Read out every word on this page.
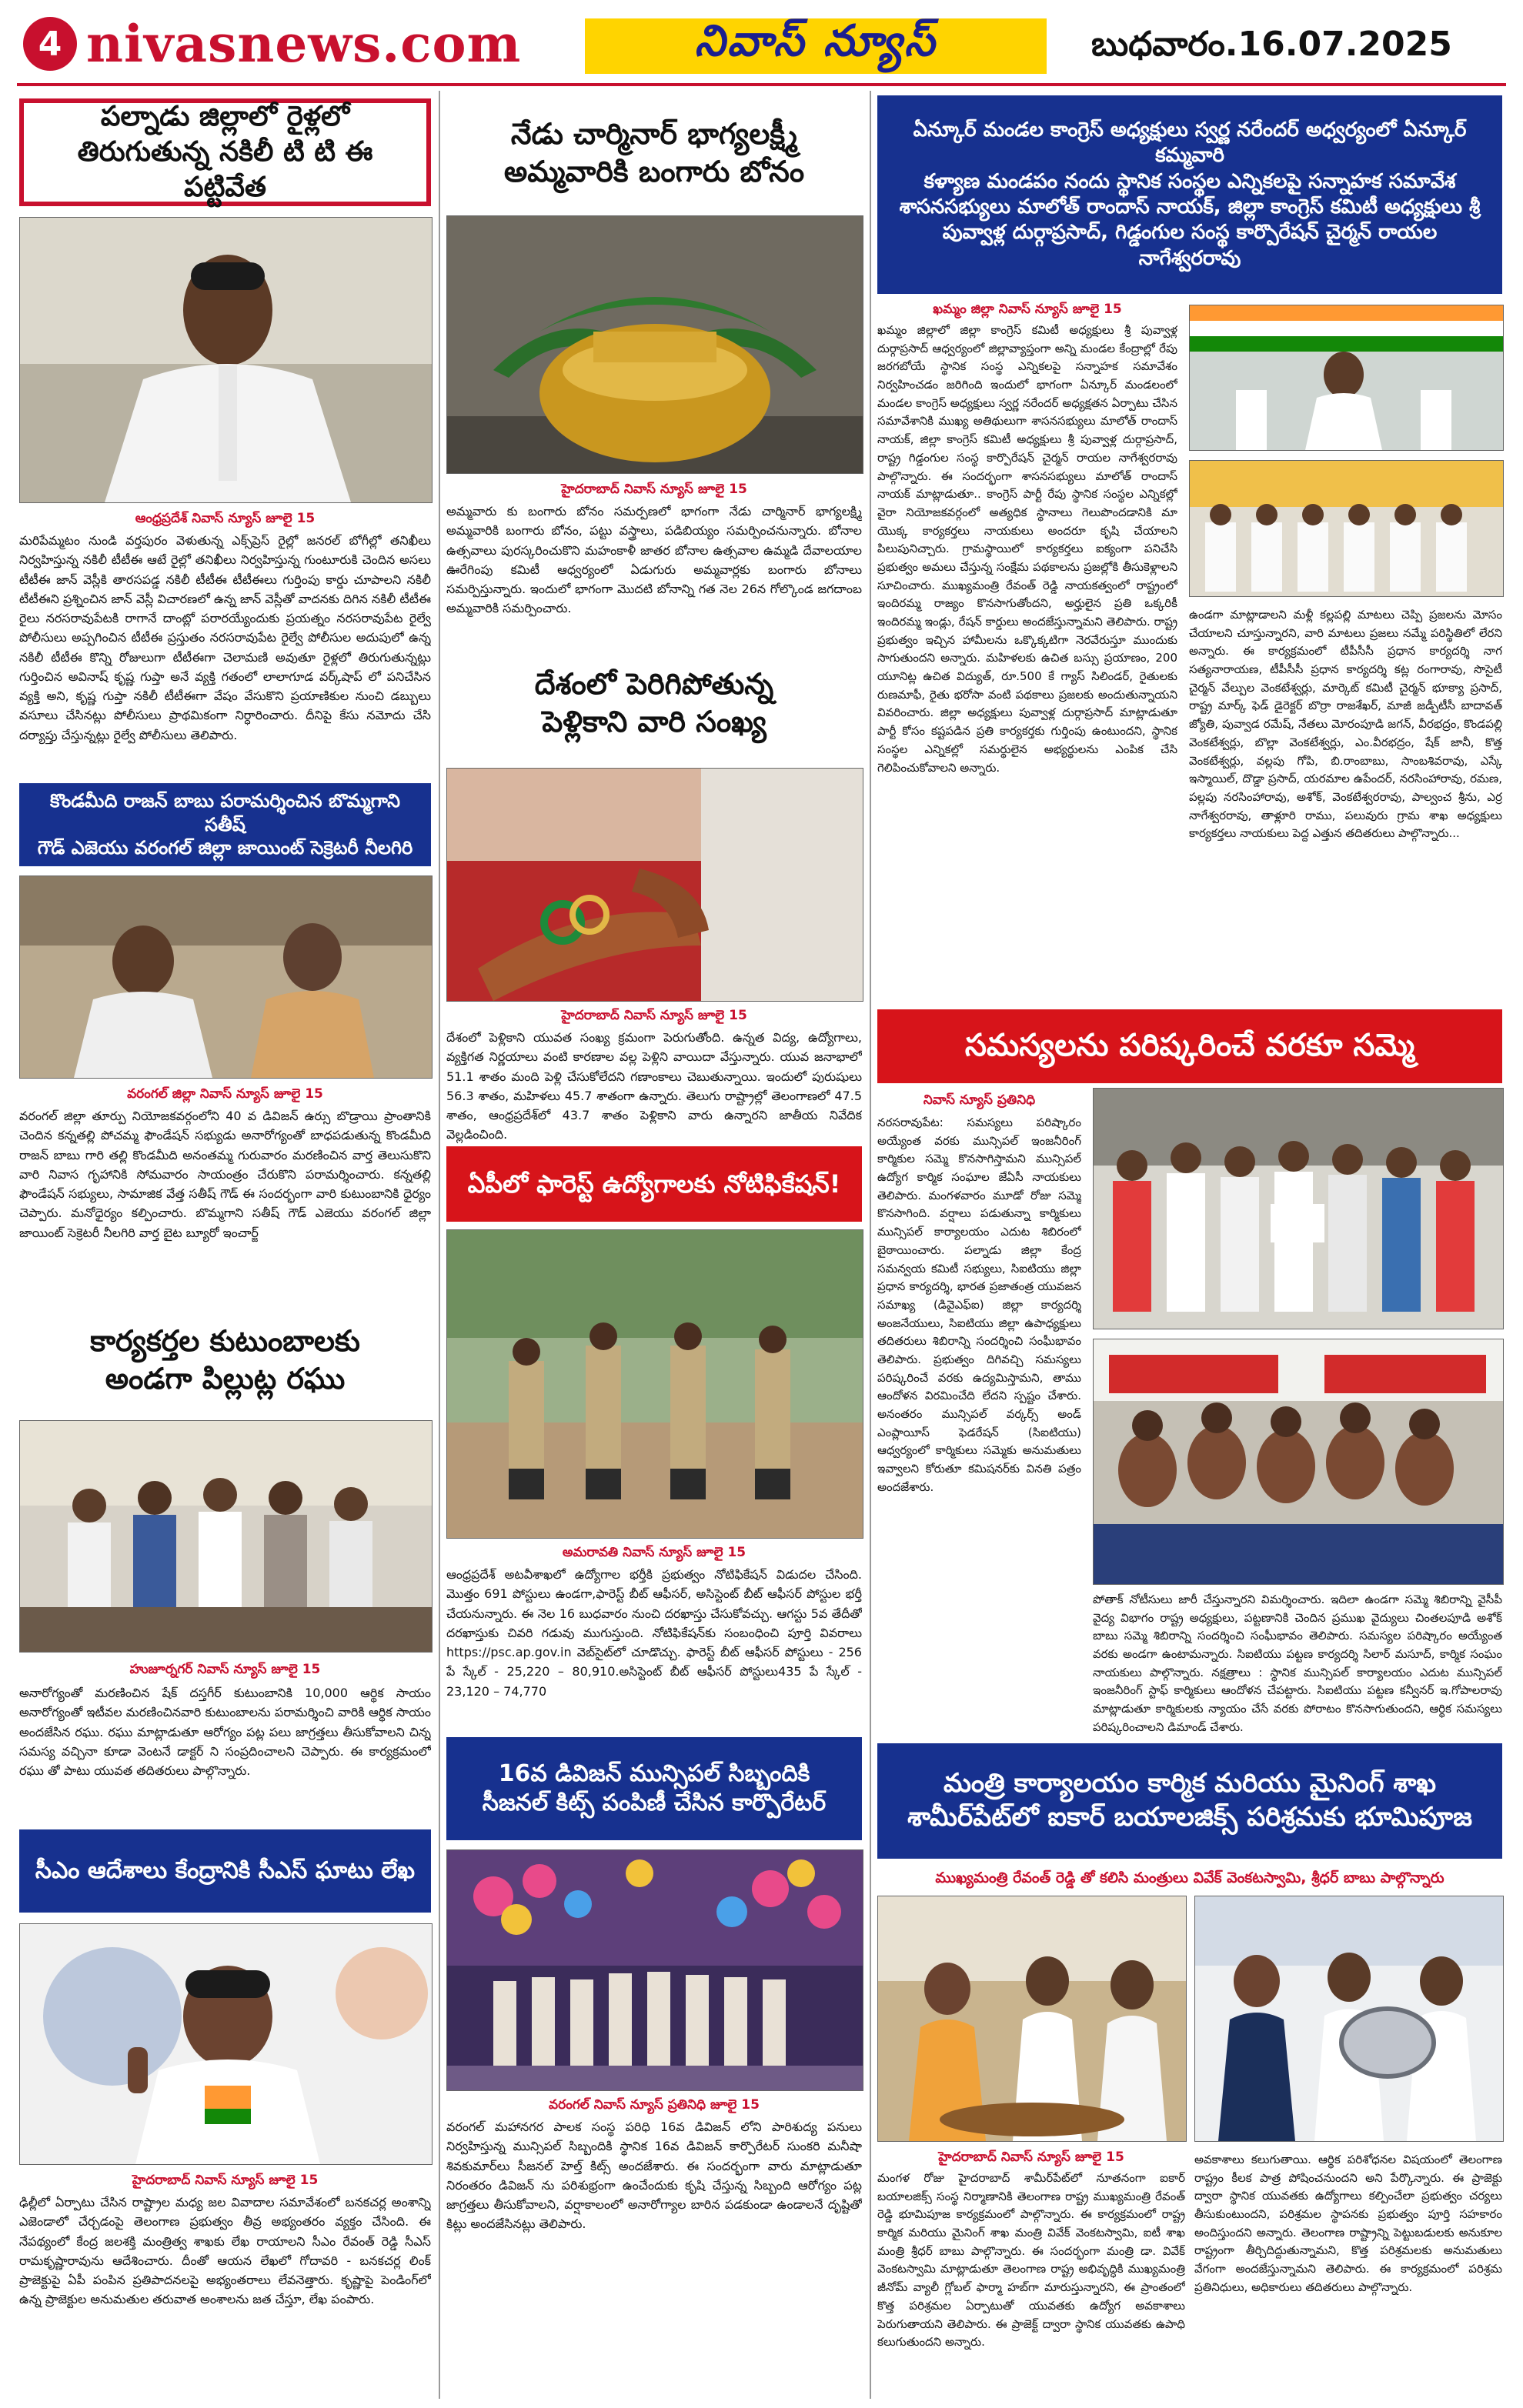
4 nivasnews.com	నివాస్ న్యూస్	బుధవారం.16.07.2025
పల్నాడు జిల్లాలో రైళ్లలో
తిరుగుతున్న నకిలీ టి టి ఈ పట్టివేత
ఆంధ్రప్రదేశ్ నివాస్ న్యూస్ జూలై 15
మరిపేమ్మటం నుండి వర్తపురం వెళుతున్న ఎక్స్‌ప్రెస్ రైల్లో జనరల్ బోగీల్లో తనిఖీలు నిర్వహిస్తున్న నకిలీ టీటీఈ ఆటే రైల్లో తనిఖీలు నిర్వహిస్తున్న గుంటూరుకి చెందిన అసలు టీటీఈ జాన్ వెస్లీకి తారసపడ్డ నకిలీ టీటీఈ టీటీఈలు గుర్తింపు కార్డు చూపాలని నకిలీ టీటీఈని ప్రశ్నించిన జాన్ వెస్లీ విచారణలో ఉన్న జాన్ వెస్లీతో వాదనకు దిగిన నకిలీ టీటీఈ రైలు నరసరావుపేటకి రాగానే దాంట్లో పరారయ్యేందుకు ప్రయత్నం నరసరావుపేట రైల్వే పోలీసులు అప్పగించిన టీటీఈ ప్రస్తుతం నరసరావుపేట రైల్వే పోలీసుల అదుపులో ఉన్న నకిలీ టీటీఈ కొన్ని రోజులుగా టీటీఈగా చెలామణి అవుతూ రైళ్లలో తిరుగుతున్నట్లు గుర్తించిన అవినాష్ కృష్ణ గుప్తా అనే వ్యక్తి గతంలో లాలాగూడ వర్క్‌షాప్ లో పనిచేసిన వ్యక్తి అని, కృష్ణ గుప్తా నకిలీ టీటీఈగా వేషం వేసుకొని ప్రయాణికుల నుంచి డబ్బులు వసూలు చేసినట్లు పోలీసులు ప్రాథమికంగా నిర్ధారించారు. దీనిపై కేసు నమోదు చేసి దర్యాప్తు చేస్తున్నట్లు రైల్వే పోలీసులు తెలిపారు.
కొండమీది రాజన్ బాబు పరామర్శించిన బొమ్మగాని సతీష్
గౌడ్ ఎజెయు వరంగల్ జిల్లా జాయింట్ సెక్రెటరీ నీలగిరి
వరంగల్ జిల్లా నివాస్ న్యూస్ జూలై 15
వరంగల్ జిల్లా తూర్పు నియోజకవర్గంలోని 40 వ డివిజన్ ఉర్సు బొడ్రాయి ప్రాంతానికి చెందిన కన్నతల్లి పోచమ్మ ఫౌండేషన్ సభ్యుడు అనారోగ్యంతో బాధపడుతున్న కొండమీది రాజన్ బాబు గారి తల్లి కొండమీది అనంతమ్మ గురువారం మరణించిన వార్త తెలుసుకొని వారి నివాస గృహానికి సోమవారం సాయంత్రం చేరుకొని పరామర్శించారు. కన్నతల్లి ఫౌండేషన్ సభ్యులు, సామాజిక వేత్త సతీష్ గౌడ్ ఈ సందర్భంగా వారి కుటుంబానికి ధైర్యం చెప్పారు. మనోధైర్యం కల్పించారు. బొమ్మగాని సతీష్ గౌడ్ ఎజెయు వరంగల్ జిల్లా జాయింట్ సెక్రెటరీ నీలగిరి వార్త బైట బ్యూరో ఇంచార్జ్
కార్యకర్తల కుటుంబాలకు
అండగా పిల్లుట్ల రఘు
హుజూర్నగర్ నివాస్ న్యూస్ జూలై 15
అనారోగ్యంతో మరణించిన షేక్ దస్తగీర్ కుటుంబానికి 10,000 ఆర్థిక సాయం అనారోగ్యంతో ఇటీవల మరణించినవారి కుటుంబాలను పరామర్శించి వారికి ఆర్థిక సాయం అందజేసిన రఘు. రఘు మాట్లాడుతూ ఆరోగ్యం పట్ల పలు జాగ్రత్తలు తీసుకోవాలని చిన్న సమస్య వచ్చినా కూడా వెంటనే డాక్టర్ ని సంప్రదించాలని చెప్పారు. ఈ కార్యక్రమంలో రఘు తో పాటు యువత తదితరులు పాల్గొన్నారు.
సీఎం ఆదేశాలు కేంద్రానికి సీఎస్ ఘాటు లేఖ
హైదరాబాద్ నివాస్ న్యూస్ జూలై 15
ఢిల్లీలో ఏర్పాటు చేసిన రాష్ట్రాల మధ్య జల వివాదాల సమావేశంలో బనకచర్ల అంశాన్ని ఎజెండాలో చేర్చడంపై తెలంగాణ ప్రభుత్వం తీవ్ర అభ్యంతరం వ్యక్తం చేసింది. ఈ నేపథ్యంలో కేంద్ర జలశక్తి మంత్రిత్వ శాఖకు లేఖ రాయాలని సీఎం రేవంత్ రెడ్డి సీఎస్ రామకృష్ణారావును ఆదేశించారు. దీంతో ఆయన లేఖలో గోదావరి - బనకచర్ల లింక్ ప్రాజెక్టుపై ఏపీ పంపిన ప్రతిపాదనలపై అభ్యంతరాలు లేవనెత్తారు. కృష్ణాపై పెండింగ్‌లో ఉన్న ప్రాజెక్టుల అనుమతుల తరువాత అంశాలను జత చేస్తూ, లేఖ పంపారు.
నేడు చార్మినార్ భాగ్యలక్ష్మీ
అమ్మవారికి బంగారు బోనం
హైదరాబాద్ నివాస్ న్యూస్ జూలై 15
అమ్మవారు కు బంగారు బోనం సమర్పణలో భాగంగా నేడు చార్మినార్ భాగ్యలక్ష్మి అమ్మవారికి బంగారు బోనం, పట్టు వస్త్రాలు, పడిబియ్యం సమర్పించనున్నారు. బోనాల ఉత్సవాలు పురస్కరించుకొని మహంకాళీ జాతర బోనాల ఉత్సవాల ఉమ్మడి దేవాలయాల ఊరేగింపు కమిటీ ఆధ్వర్యంలో ఏడుగురు అమ్మవార్లకు బంగారు బోనాలు సమర్పిస్తున్నారు. ఇందులో భాగంగా మొదటి బోనాన్ని గత నెల 26న గోల్కొండ జగదాంబ అమ్మవారికి సమర్పించారు.
దేశంలో పెరిగిపోతున్న
పెళ్లికాని వారి సంఖ్య
హైదరాబాద్ నివాస్ న్యూస్ జూలై 15
దేశంలో పెళ్లికాని యువత సంఖ్య క్రమంగా పెరుగుతోంది. ఉన్నత విద్య, ఉద్యోగాలు, వ్యక్తిగత నిర్ణయాలు వంటి కారణాల వల్ల పెళ్లిని వాయిదా వేస్తున్నారు. యువ జనాభాలో 51.1 శాతం మంది పెళ్లి చేసుకోలేదని గణాంకాలు చెబుతున్నాయి. ఇందులో పురుషులు 56.3 శాతం, మహిళలు 45.7 శాతంగా ఉన్నారు. తెలుగు రాష్ట్రాల్లో తెలంగాణలో 47.5 శాతం, ఆంధ్రప్రదేశ్‌లో 43.7 శాతం పెళ్లికాని వారు ఉన్నారని జాతీయ నివేదిక వెల్లడించింది.
ఏపీలో ఫారెస్ట్ ఉద్యోగాలకు నోటిఫికేషన్!
అమరావతి నివాస్ న్యూస్ జూలై 15
ఆంధ్రప్రదేశ్ అటవీశాఖలో ఉద్యోగాల భర్తీకి ప్రభుత్వం నోటిఫికేషన్ విడుదల చేసింది. మొత్తం 691 పోస్టులు ఉండగా,ఫారెస్ట్ బీట్ ఆఫీసర్, అసిస్టెంట్ బీట్ ఆఫీసర్ పోస్టుల భర్తీ చేయనున్నారు. ఈ నెల 16 బుధవారం నుంచి దరఖాస్తు చేసుకోవచ్చు. ఆగస్టు 5వ తేదీతో దరఖాస్తుకు చివరి గడువు ముగుస్తుంది. నోటిఫికేషన్‌కు సంబంధించి పూర్తి వివరాలు https://psc.ap.gov.in వెబ్‌సైట్‌లో చూడొచ్చు. ఫారెస్ట్ బీట్ ఆఫీసర్ పోస్టులు - 256 పే స్కేల్ - 25,220 – 80,910.అసిస్టెంట్ బీట్ ఆఫీసర్ పోస్టులు435 పే స్కేల్ - 23,120 – 74,770
16వ డివిజన్ మున్సిపల్ సిబ్బందికి
సీజనల్ కిట్స్ పంపిణీ చేసిన కార్పొరేటర్
వరంగల్ నివాస్ న్యూస్ ప్రతినిధి జూలై 15
వరంగల్ మహానగర పాలక సంస్థ పరిధి 16వ డివిజన్ లోని పారిశుద్య పనులు నిర్వహిస్తున్న మున్సిపల్ సిబ్బందికి స్థానిక 16వ డివిజన్ కార్పొరేటర్ సుంకరి మనీషా శివకుమార్‌లు సీజనల్ హెల్త్ కిట్స్ అందజేశారు. ఈ సందర్భంగా వారు మాట్లాడుతూ నిరంతరం డివిజన్ ను పరిశుభ్రంగా ఉంచేందుకు కృషి చేస్తున్న సిబ్బంది ఆరోగ్యం పట్ల జాగ్రత్తలు తీసుకోవాలని, వర్షాకాలంలో అనారోగ్యాల బారిన పడకుండా ఉండాలనే దృష్టితో కిట్లు అందజేసినట్లు తెలిపారు.
ఏన్కూర్ మండల కాంగ్రెస్ అధ్యక్షులు స్వర్ణ నరేందర్ అధ్వర్యంలో ఏన్కూర్ కమ్మవారి
కళ్యాణ మండపం నందు స్థానిక సంస్థల ఎన్నికలపై సన్నాహక సమావేశ
శాసనసభ్యులు మాలోత్ రాందాస్ నాయక్, జిల్లా కాంగ్రెస్ కమిటీ అధ్యక్షులు శ్రీ
పువ్వాళ్ల దుర్గాప్రసాద్, గిడ్డంగుల సంస్థ కార్పొరేషన్ చైర్మన్ రాయల నాగేశ్వరరావు
ఖమ్మం జిల్లా నివాస్ న్యూస్ జూలై 15
ఖమ్మం జిల్లాలో జిల్లా కాంగ్రెస్ కమిటీ అధ్యక్షులు శ్రీ పువ్వాళ్ల దుర్గాప్రసాద్ ఆధ్వర్యంలో జిల్లావ్యాప్తంగా అన్ని మండల కేంద్రాల్లో రేపు జరగబోయే స్థానిక సంస్థ ఎన్నికలపై సన్నాహక సమావేశం నిర్వహించడం జరిగింది ఇందులో భాగంగా ఏన్కూర్ మండలంలో మండల కాంగ్రెస్ అధ్యక్షులు స్వర్ణ నరేందర్ అధ్యక్షతన ఏర్పాటు చేసిన సమావేశానికి ముఖ్య అతిథులుగా శాసనసభ్యులు మాలోత్ రాందాస్ నాయక్, జిల్లా కాంగ్రెస్ కమిటీ అధ్యక్షులు శ్రీ పువ్వాళ్ల దుర్గాప్రసాద్, రాష్ట్ర గిడ్డంగుల సంస్థ కార్పొరేషన్ చైర్మన్ రాయల నాగేశ్వరరావు పాల్గొన్నారు. ఈ సందర్భంగా శాసనసభ్యులు మాలోత్ రాందాస్ నాయక్ మాట్లాడుతూ.. కాంగ్రెస్ పార్టీ రేపు స్థానిక సంస్థల ఎన్నికల్లో వైరా నియోజకవర్గంలో అత్యధిక స్థానాలు గెలుపొందడానికి మా యొక్క కార్యకర్తలు నాయకులు అందరూ కృషి చేయాలని పిలుపునిచ్చారు. గ్రామస్థాయిలో కార్యకర్తలు ఐక్యంగా పనిచేసి ప్రభుత్వం అమలు చేస్తున్న సంక్షేమ పథకాలను ప్రజల్లోకి తీసుకెళ్లాలని సూచించారు. ముఖ్యమంత్రి రేవంత్ రెడ్డి నాయకత్వంలో రాష్ట్రంలో ఇందిరమ్మ రాజ్యం కొనసాగుతోందని, అర్హులైన ప్రతి ఒక్కరికీ ఇందిరమ్మ ఇండ్లు, రేషన్ కార్డులు అందజేస్తున్నామని తెలిపారు. రాష్ట్ర ప్రభుత్వం ఇచ్చిన హామీలను ఒక్కొక్కటిగా నెరవేరుస్తూ ముందుకు సాగుతుందని అన్నారు. మహిళలకు ఉచిత బస్సు ప్రయాణం, 200 యూనిట్ల ఉచిత విద్యుత్, రూ.500 కే గ్యాస్ సిలిండర్, రైతులకు రుణమాఫీ, రైతు భరోసా వంటి పథకాలు ప్రజలకు అందుతున్నాయని వివరించారు. జిల్లా అధ్యక్షులు పువ్వాళ్ల దుర్గాప్రసాద్ మాట్లాడుతూ పార్టీ కోసం కష్టపడిన ప్రతి కార్యకర్తకు గుర్తింపు ఉంటుందని, స్థానిక సంస్థల ఎన్నికల్లో సమర్థులైన అభ్యర్థులను ఎంపిక చేసి గెలిపించుకోవాలని అన్నారు.
ఉండగా మాట్లాడాలని మళ్లీ కల్లపల్లి మాటలు చెప్పి ప్రజలను మోసం చేయాలని చూస్తున్నారని, వారి మాటలు ప్రజలు నమ్మే పరిస్థితిలో లేరని అన్నారు. ఈ కార్యక్రమంలో టీపీసీసీ ప్రధాన కార్యదర్శి నాగ సత్యనారాయణ, టీపీసీసీ ప్రధాన కార్యదర్శి కట్ల రంగారావు, సొసైటీ చైర్మన్ వేల్పుల వెంకటేశ్వర్లు, మార్కెట్ కమిటీ చైర్మన్ భూక్యా ప్రసాద్, రాష్ట్ర మార్క్ ఫెడ్ డైరెక్టర్ బొర్రా రాజశేఖర్, మాజీ జడ్పీటీసీ బాదావత్ జ్యోతి, పువ్వాడ రమేష్, నేతలు మోరంపూడి జగన్, వీరభద్రం, కొండపల్లి వెంకటేశ్వర్లు, బొల్లా వెంకటేశ్వర్లు, ఎం.వీరభద్రం, షేక్ జానీ, కొత్త వెంకటేశ్వర్లు, వల్లపు గోపి, బి.రాంబాబు, సాంబశివరావు, ఎస్కే ఇస్మాయిల్, దొడ్డా ప్రసాద్, యరమాల ఉపేందర్, నరసింహారావు, రమణ, పల్లపు నరసింహారావు, అశోక్, వెంకటేశ్వరరావు, పాల్వంచ శ్రీను, ఎర్ర నాగేశ్వరరావు, తాళ్లూరి రాము, పలువురు గ్రామ శాఖ అధ్యక్షులు కార్యకర్తలు నాయకులు పెద్ద ఎత్తున తదితరులు పాల్గొన్నారు...
సమస్యలను పరిష్కరించే వరకూ సమ్మె
నివాస్ న్యూస్ ప్రతినిధి
నరసరావుపేట: సమస్యలు పరిష్కారం అయ్యేంత వరకు మున్సిపల్ ఇంజనీరింగ్ కార్మికుల సమ్మె కొనసాగిస్తామని మున్సిపల్ ఉద్యోగ కార్మిక సంఘాల జేఏసీ నాయకులు తెలిపారు. మంగళవారం మూడో రోజు సమ్మె కొనసాగింది. వర్షాలు పడుతున్నా కార్మికులు మున్సిపల్ కార్యాలయం ఎదుట శిబిరంలో బైఠాయించారు. పల్నాడు జిల్లా కేంద్ర సమన్వయ కమిటీ సభ్యులు, సిఐటియు జిల్లా ప్రధాన కార్యదర్శి, భారత ప్రజాతంత్ర యువజన సమాఖ్య (డివైఎఫ్ఐ) జిల్లా కార్యదర్శి అంజనేయులు, సిఐటియు జిల్లా ఉపాధ్యక్షులు తదితరులు శిబిరాన్ని సందర్శించి సంఘీభావం తెలిపారు. ప్రభుత్వం దిగివచ్చి సమస్యలు పరిష్కరించే వరకు ఉద్యమిస్తామని, తాము ఆందోళన విరమించేది లేదని స్పష్టం చేశారు. అనంతరం మున్సిపల్ వర్కర్స్ అండ్ ఎంప్లాయీస్ ఫెడరేషన్ (సిఐటియు) ఆధ్వర్యంలో కార్మికులు సమ్మెకు అనుమతులు ఇవ్వాలని కోరుతూ కమిషనర్‌కు వినతి పత్రం అందజేశారు.
పోతాక్ నోటీసులు జారీ చేస్తున్నారని విమర్శించారు. ఇదిలా ఉండగా సమ్మె శిబిరాన్ని వైసీపీ వైద్య విభాగం రాష్ట్ర అధ్యక్షులు, పట్టణానికి చెందిన ప్రముఖ వైద్యులు చింతలపూడి అశోక్ బాబు సమ్మె శిబిరాన్ని సందర్శించి సంఘీభావం తెలిపారు. సమస్యల పరిష్కారం అయ్యేంత వరకు అండగా ఉంటామన్నారు. సిఐటియు పట్టణ కార్యదర్శి సిలార్ మసూద్, కార్మిక సంఘం నాయకులు పాల్గొన్నారు. నక్షత్రాలు : స్థానిక మున్సిపల్ కార్యాలయం ఎదుట మున్సిపల్ ఇంజనీరింగ్ స్టాఫ్ కార్మికులు ఆందోళన చేపట్టారు. సిఐటియు పట్టణ కన్వీనర్ ఇ.గోపాలరావు మాట్లాడుతూ కార్మికులకు న్యాయం చేసే వరకు పోరాటం కొనసాగుతుందని, ఆర్థిక సమస్యలు పరిష్కరించాలని డిమాండ్ చేశారు.
మంత్రి కార్యాలయం కార్మిక మరియు మైనింగ్ శాఖ
శామీర్‌పేట్‌లో ఐకార్ బయాలజిక్స్ పరిశ్రమకు భూమిపూజ
ముఖ్యమంత్రి రేవంత్ రెడ్డి తో కలిసి మంత్రులు వివేక్ వెంకటస్వామి, శ్రీధర్ బాబు పాల్గొన్నారు
హైదరాబాద్ నివాస్ న్యూస్ జూలై 15
మంగళ రోజు హైదరాబాద్ శామీర్‌పేట్‌లో నూతనంగా ఐకార్ బయాలజిక్స్ సంస్థ నిర్మాణానికి తెలంగాణ రాష్ట్ర ముఖ్యమంత్రి రేవంత్ రెడ్డి భూమిపూజ కార్యక్రమంలో పాల్గొన్నారు. ఈ కార్యక్రమంలో రాష్ట్ర కార్మిక మరియు మైనింగ్ శాఖ మంత్రి వివేక్ వెంకటస్వామి, ఐటీ శాఖ మంత్రి శ్రీధర్ బాబు పాల్గొన్నారు. ఈ సందర్భంగా మంత్రి డా. వివేక్ వెంకటస్వామి మాట్లాడుతూ తెలంగాణ రాష్ట్ర అభివృద్ధికి ముఖ్యమంత్రి జీనోమ్ వ్యాలీ గ్లోబల్ ఫార్మా హబ్‌గా మారుస్తున్నారని, ఈ ప్రాంతంలో కొత్త పరిశ్రమల ఏర్పాటుతో యువతకు ఉద్యోగ అవకాశాలు పెరుగుతాయని తెలిపారు. ఈ ప్రాజెక్ట్ ద్వారా స్థానిక యువతకు ఉపాధి కలుగుతుందని అన్నారు.
అవకాశాలు కలుగుతాయి. ఆర్థిక పరిశోధనల విషయంలో తెలంగాణ రాష్ట్రం కీలక పాత్ర పోషించనుందని అని పేర్కొన్నారు. ఈ ప్రాజెక్టు ద్వారా స్థానిక యువతకు ఉద్యోగాలు కల్పించేలా ప్రభుత్వం చర్యలు తీసుకుంటుందని, పరిశ్రమల స్థాపనకు ప్రభుత్వం పూర్తి సహకారం అందిస్తుందని అన్నారు. తెలంగాణ రాష్ట్రాన్ని పెట్టుబడులకు అనుకూల రాష్ట్రంగా తీర్చిదిద్దుతున్నామని, కొత్త పరిశ్రమలకు అనుమతులు వేగంగా అందజేస్తున్నామని తెలిపారు. ఈ కార్యక్రమంలో పరిశ్రమ ప్రతినిధులు, అధికారులు తదితరులు పాల్గొన్నారు.
